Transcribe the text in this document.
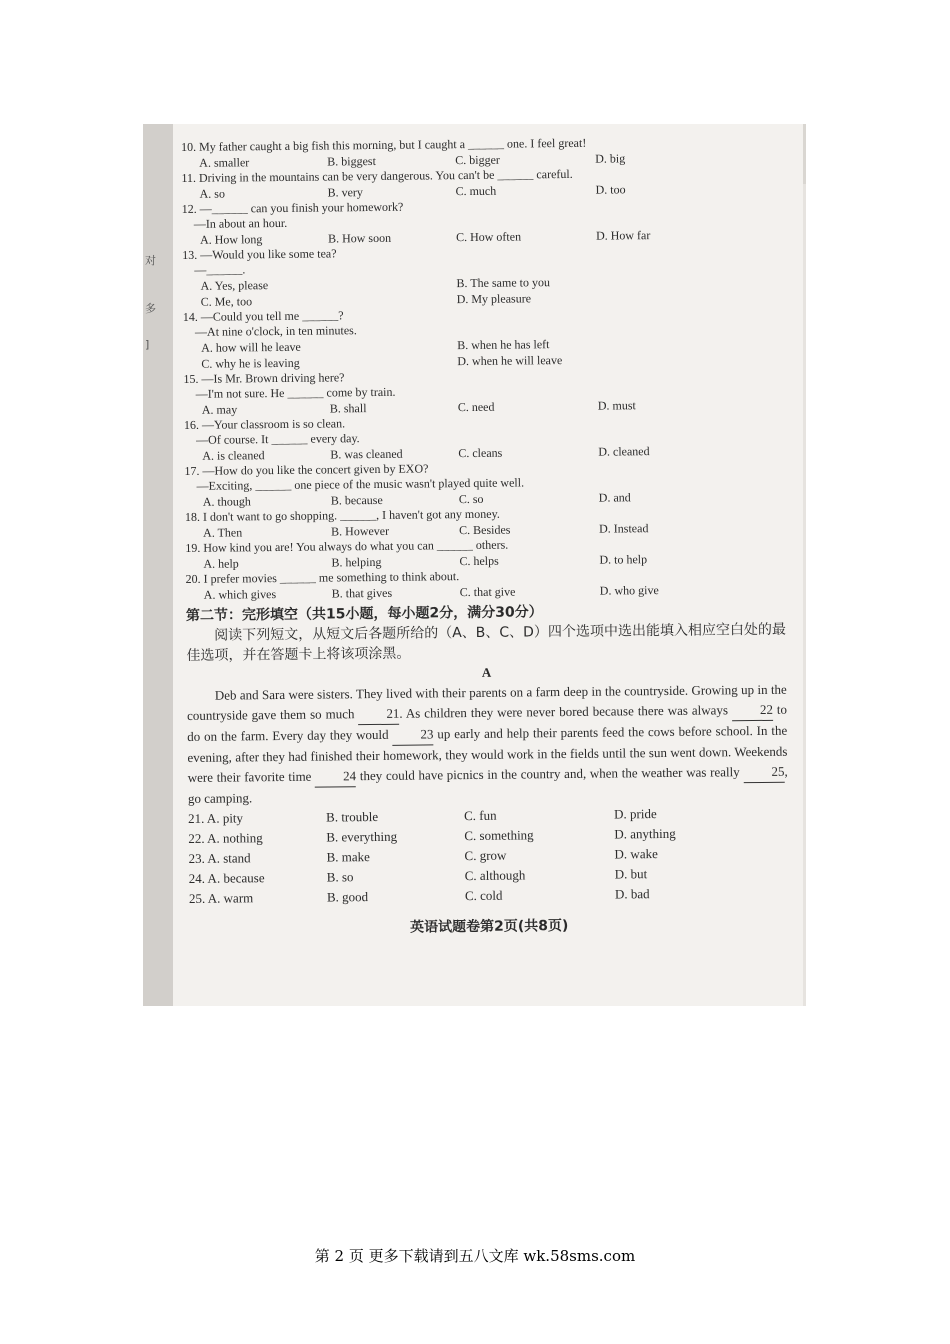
对
多
]
10. My father caught a big fish this morning, but I caught a ______ one. I feel great!
A. smaller	B. biggest	C. bigger	D. big
11. Driving in the mountains can be very dangerous. You can't be ______ careful.
A. so	B. very	C. much	D. too
12. —______ can you finish your homework?
—In about an hour.
A. How long	B. How soon	C. How often	D. How far
13. —Would you like some tea?
—______.
A. Yes, please	B. The same to you
C. Me, too	D. My pleasure
14. —Could you tell me ______?
—At nine o'clock, in ten minutes.
A. how will he leave	B. when he has left
C. why he is leaving	D. when he will leave
15. —Is Mr. Brown driving here?
—I'm not sure. He ______ come by train.
A. may	B. shall	C. need	D. must
16. —Your classroom is so clean.
—Of course. It ______ every day.
A. is cleaned	B. was cleaned	C. cleans	D. cleaned
17. —How do you like the concert given by EXO?
—Exciting, ______ one piece of the music wasn't played quite well.
A. though	B. because	C. so	D. and
18. I don't want to go shopping. ______, I haven't got any money.
A. Then	B. However	C. Besides	D. Instead
19. How kind you are! You always do what you can ______ others.
A. help	B. helping	C. helps	D. to help
20. I prefer movies ______ me something to think about.
A. which gives	B. that gives	C. that give	D. who give
第二节：完形填空（共15小题，每小题2分，满分30分）
阅读下列短文，从短文后各题所给的（A、B、C、D）四个选项中选出能填入相应空白处的最佳选项，并在答题卡上将该项涂黑。
A
Deb and Sara were sisters. They lived with their parents on a farm deep in the countryside. Growing up in the countryside gave them so much 21. As children they were never bored because there was always 22 to do on the farm. Every day they would 23 up early and help their parents feed the cows before school. In the evening, after they had finished their homework, they would work in the fields until the sun went down. Weekends were their favorite time 24 they could have picnics in the country and, when the weather was really 25, go camping.
21. A. pity	B. trouble	C. fun	D. pride
22. A. nothing	B. everything	C. something	D. anything
23. A. stand	B. make	C. grow	D. wake
24. A. because	B. so	C. although	D. but
25. A. warm	B. good	C. cold	D. bad
英语试题卷第2页(共8页)
第 2 页 更多下载请到五八文库 wk.58sms.com
